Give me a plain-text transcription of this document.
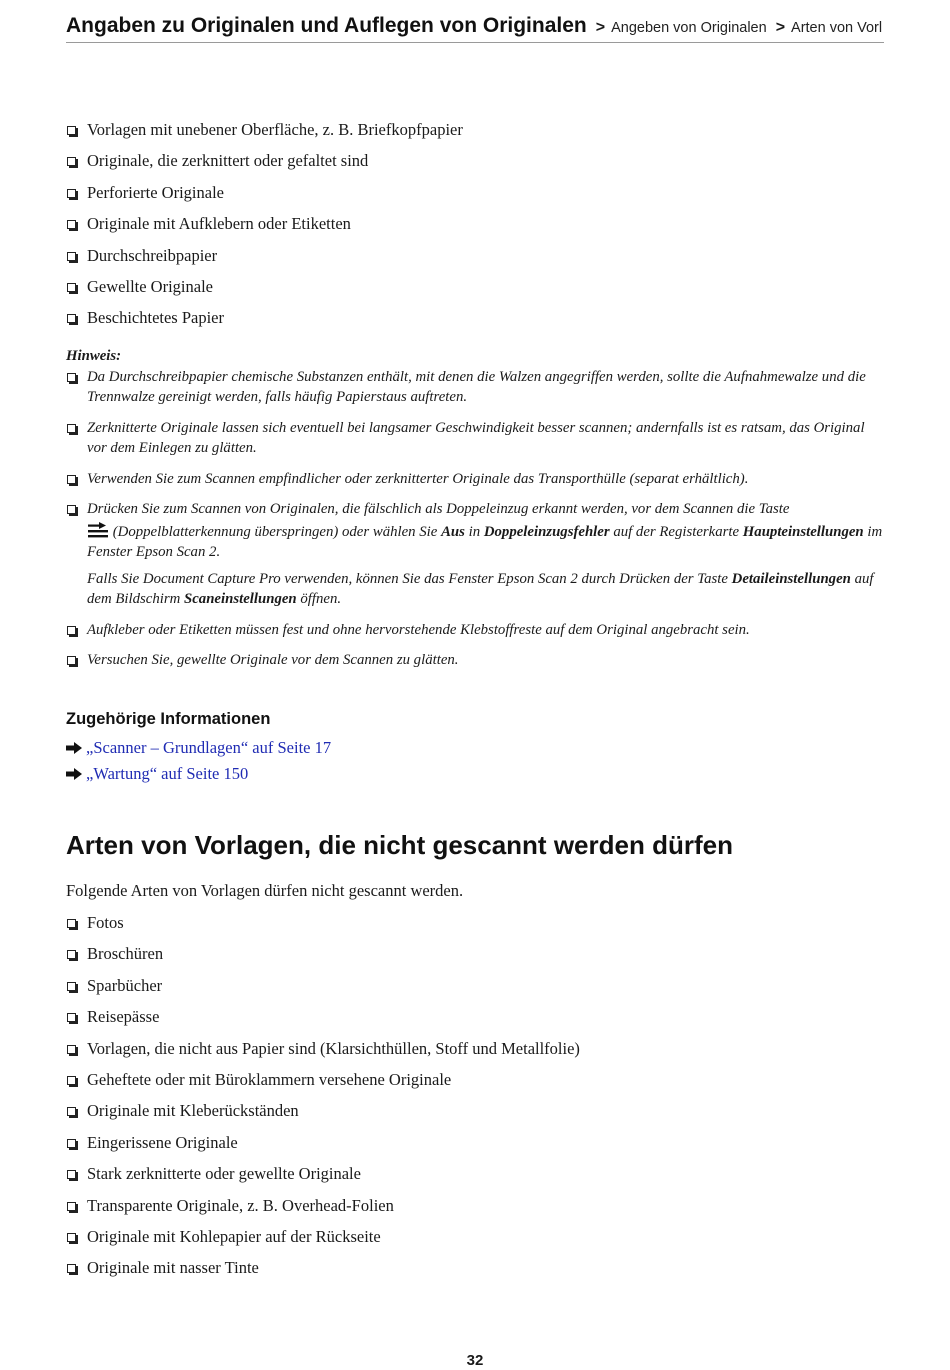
Angaben zu Originalen und Auflegen von Originalen > Angeben von Originalen > Arten von Vorl
Vorlagen mit unebener Oberfläche, z. B. Briefkopfpapier
Originale, die zerknittert oder gefaltet sind
Perforierte Originale
Originale mit Aufklebern oder Etiketten
Durchschreibpapier
Gewellte Originale
Beschichtetes Papier
Hinweis:
Da Durchschreibpapier chemische Substanzen enthält, mit denen die Walzen angegriffen werden, sollte die Aufnahmewalze und die Trennwalze gereinigt werden, falls häufig Papierstaus auftreten.
Zerknitterte Originale lassen sich eventuell bei langsamer Geschwindigkeit besser scannen; andernfalls ist es ratsam, das Original vor dem Einlegen zu glätten.
Verwenden Sie zum Scannen empfindlicher oder zerknitterter Originale das Transporthülle (separat erhältlich).
Drücken Sie zum Scannen von Originalen, die fälschlich als Doppeleinzug erkannt werden, vor dem Scannen die Taste
(Doppelblatterkennung überspringen) oder wählen Sie Aus in Doppeleinzugsfehler auf der Registerkarte Haupteinstellungen im Fenster Epson Scan 2.

Falls Sie Document Capture Pro verwenden, können Sie das Fenster Epson Scan 2 durch Drücken der Taste Detaileinstellungen auf dem Bildschirm Scaneinstellungen öffnen.

Aufkleber oder Etiketten müssen fest und ohne hervorstehende Klebstoffreste auf dem Original angebracht sein.
Versuchen Sie, gewellte Originale vor dem Scannen zu glätten.
Zugehörige Informationen
„Scanner – Grundlagen“ auf Seite 17
„Wartung“ auf Seite 150
Arten von Vorlagen, die nicht gescannt werden dürfen
Folgende Arten von Vorlagen dürfen nicht gescannt werden.
Fotos
Broschüren
Sparbücher
Reisepässe
Vorlagen, die nicht aus Papier sind (Klarsichthüllen, Stoff und Metallfolie)
Geheftete oder mit Büroklammern versehene Originale
Originale mit Kleberückständen
Eingerissene Originale
Stark zerknitterte oder gewellte Originale
Transparente Originale, z. B. Overhead-Folien
Originale mit Kohlepapier auf der Rückseite
Originale mit nasser Tinte
32
